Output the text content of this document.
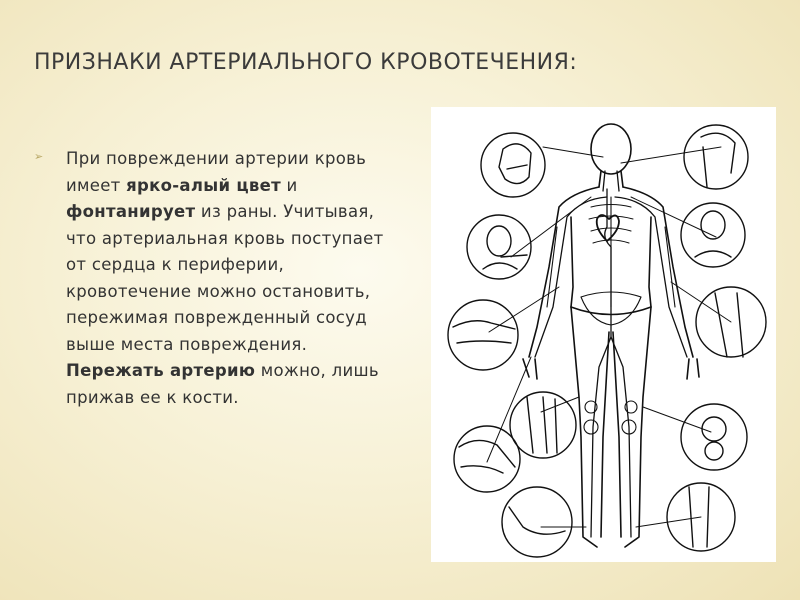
ПРИЗНАКИ АРТЕРИАЛЬНОГО КРОВОТЕЧЕНИЯ:
➢ При повреждении артерии кровь имеет ярко-алый цвет и фонтанирует из раны. Учитывая, что артериальная кровь поступает от сердца к периферии, кровотечение можно остановить, пережимая поврежденный сосуд выше места повреждения. Пережать артерию можно, лишь прижав ее к кости.
